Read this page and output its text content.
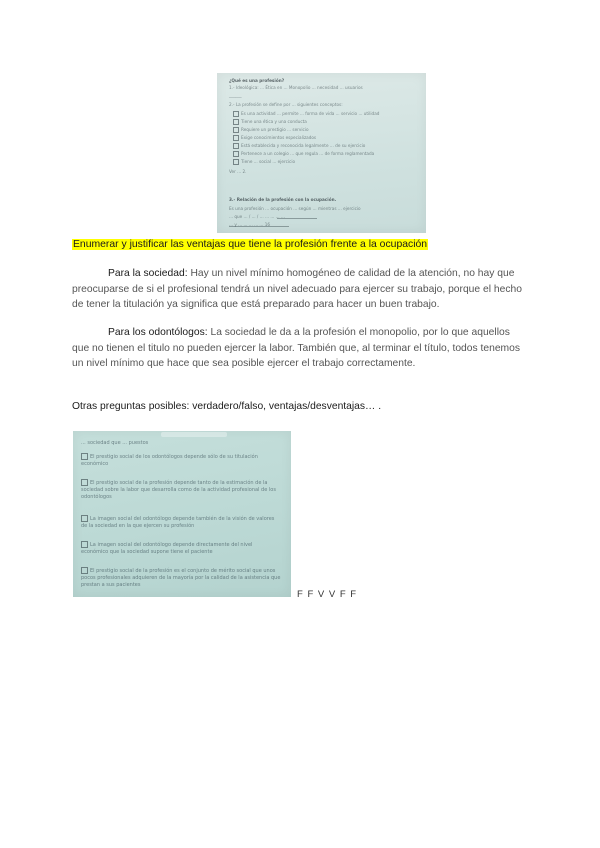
¿Qué es una profesión?
1.- Ideológica: ... Ética en ... Monopolio ... necesidad ... usuarios
______
2.- La profesión se define por ... siguientes conceptos:
Es una actividad ... permite ... forma de vida ... servicio ... utilidad
Tiene una ética y una conducta
Requiere un prestigio ... servicio
Exige conocimientos especializados
Está establecida y reconocida legalmente ... de su ejercicio
Pertenece a un colegio ... que regula ... de forma reglamentada
Tiene ... social ... ejercicio
Ver ... 2.
3.- Relación de la profesión con la ocupación.
Es una profesión ... ocupación ... según ... mientras ... ejercicio
... que ... / ... / ... ... ... ... ...
... y ... ... ... ... ... 16
Enumerar y justificar las ventajas que tiene la profesión frente a la ocupación
Para la sociedad: Hay un nivel mínimo homogéneo de calidad de la atención, no hay que preocuparse de si el profesional tendrá un nivel adecuado para ejercer su trabajo, porque el hecho de tener la titulación ya significa que está preparado para hacer un buen trabajo.
Para los odontólogos: La sociedad le da a la profesión el monopolio, por lo que aquellos que no tienen el titulo no pueden ejercer la labor. También que, al terminar el título, todos tenemos un nivel mínimo que hace que sea posible ejercer el trabajo correctamente.
Otras preguntas posibles: verdadero/falso, ventajas/desventajas… .
... sociedad que ... puestos
El prestigio social de los odontólogos depende sólo de su titulación económico
El prestigio social de la profesión depende tanto de la estimación de la sociedad sobre la labor que desarrolla como de la actividad profesional de los odontólogos
La imagen social del odontólogo depende también de la visión de valores de la sociedad en la que ejercen su profesión
La imagen social del odontólogo depende directamente del nivel económico que la sociedad supone tiene el paciente
El prestigio social de la profesión es el conjunto de mérito social que unos pocos profesionales adquieren de la mayoría por la calidad de la asistencia que prestan a sus pacientes
F F V V F F
